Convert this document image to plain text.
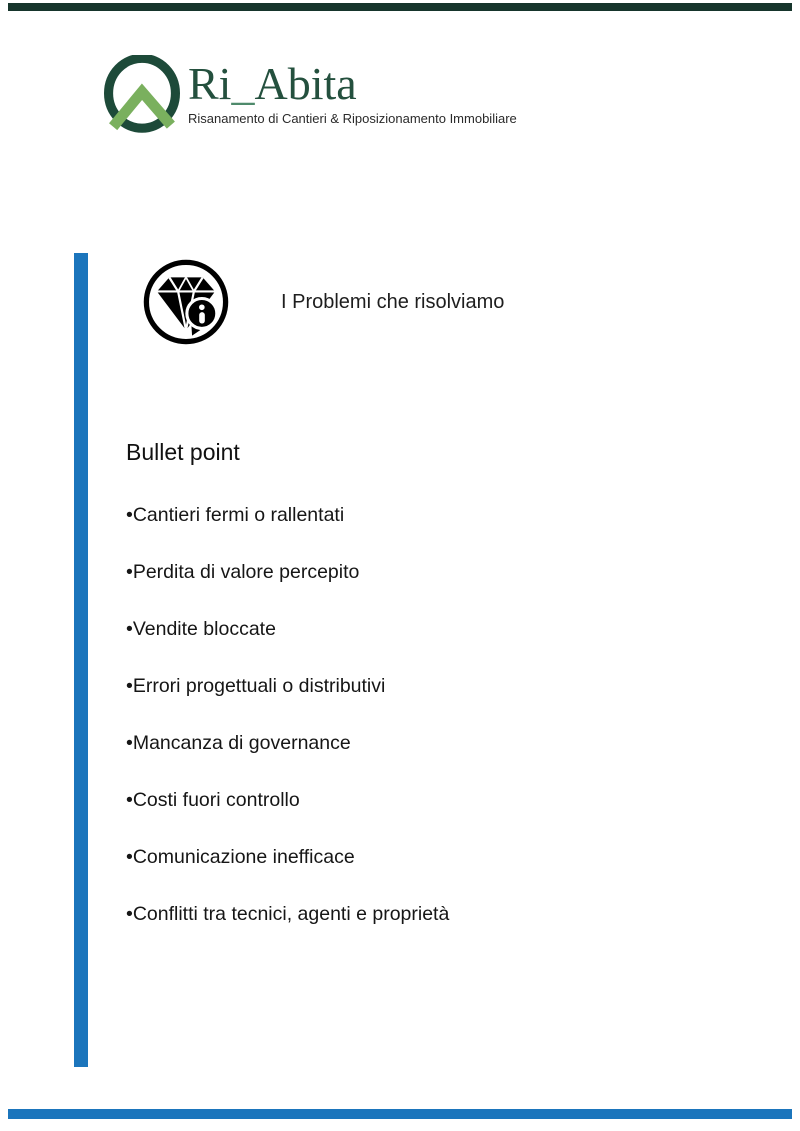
Ri_Abita
Risanamento di Cantieri & Riposizionamento Immobiliare
I Problemi che risolviamo
Bullet point
•Cantieri fermi o rallentati
•Perdita di valore percepito
•Vendite bloccate
•Errori progettuali o distributivi
•Mancanza di governance
•Costi fuori controllo
•Comunicazione inefficace
•Conflitti tra tecnici, agenti e proprietà
